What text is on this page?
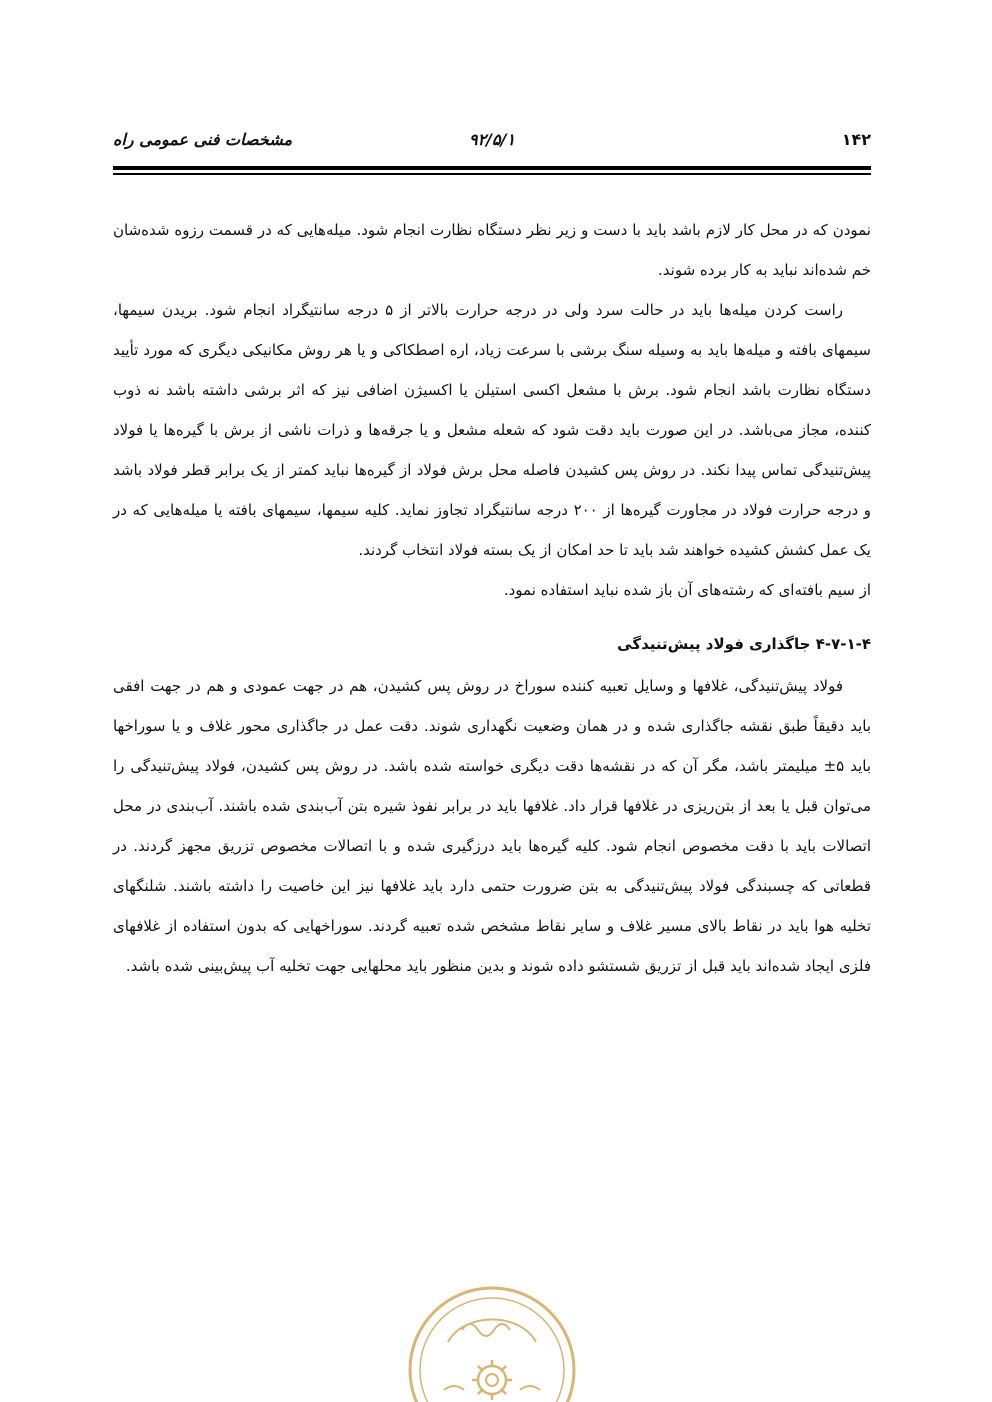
مشخصات فنی عمومی راه	۹۲/۵/۱	۱۴۲

نمودن که در محل کار لازم باشد باید با دست و زیر نظر دستگاه نظارت انجام شود. میله‌هایی که در قسمت رزوه شده‌شان خم شده‌اند نباید به کار برده شوند.

راست کردن میله‌ها باید در حالت سرد ولی در درجه حرارت بالاتر از ۵ درجه سانتیگراد انجام شود. بریدن سیمها، سیمهای بافته و میله‌ها باید به وسیله سنگ برشی با سرعت زیاد، اره اصطکاکی و یا هر روش مکانیکی دیگری که مورد تأیید دستگاه نظارت باشد انجام شود. برش با مشعل اکسی استیلن یا اکسیژن اضافی نیز که اثر برشی داشته باشد نه ذوب کننده، مجاز می‌باشد. در این صورت باید دقت شود که شعله مشعل و یا جرقه‌ها و ذرات ناشی از برش با گیره‌ها یا فولاد پیش‌تنیدگی تماس پیدا نکند. در روش پس کشیدن فاصله محل برش فولاد از گیره‌ها نباید کمتر از یک برابر قطر فولاد باشد و درجه حرارت فولاد در مجاورت گیره‌ها از ۲۰۰ درجه سانتیگراد تجاوز نماید. کلیه سیمها، سیمهای بافته یا میله‌هایی که در یک عمل کشش کشیده خواهند شد باید تا حد امکان از یک بسته فولاد انتخاب گردند.

از سیم بافته‌ای که رشته‌های آن باز شده نباید استفاده نمود.

۴-۷-۱-۴ جاگذاری فولاد پیش‌تنیدگی

فولاد پیش‌تنیدگی، غلافها و وسایل تعبیه کننده سوراخ در روش پس کشیدن، هم در جهت عمودی و هم در جهت افقی باید دقیقاً طبق نقشه جاگذاری شده و در همان وضعیت نگهداری شوند. دقت عمل در جاگذاری محور غلاف و یا سوراخها باید ۵± میلیمتر باشد، مگر آن که در نقشه‌ها دقت دیگری خواسته شده باشد. در روش پس کشیدن، فولاد پیش‌تنیدگی را می‌توان قبل یا بعد از بتن‌ریزی در غلافها قرار داد. غلافها باید در برابر نفوذ شیره بتن آب‌بندی شده باشند. آب‌بندی در محل اتصالات باید با دقت مخصوص انجام شود. کلیه گیره‌ها باید درزگیری شده و با اتصالات مخصوص تزریق مجهز گردند. در قطعاتی که چسبندگی فولاد پیش‌تنیدگی به بتن ضرورت حتمی دارد باید غلافها نیز این خاصیت را داشته باشند. شلنگهای تخلیه هوا باید در نقاط بالای مسیر غلاف و سایر نقاط مشخص شده تعبیه گردند. سوراخهایی که بدون استفاده از غلافهای فلزی ایجاد شده‌اند باید قبل از تزریق شستشو داده شوند و بدین منظور باید محلهایی جهت تخلیه آب پیش‌بینی شده باشد.
